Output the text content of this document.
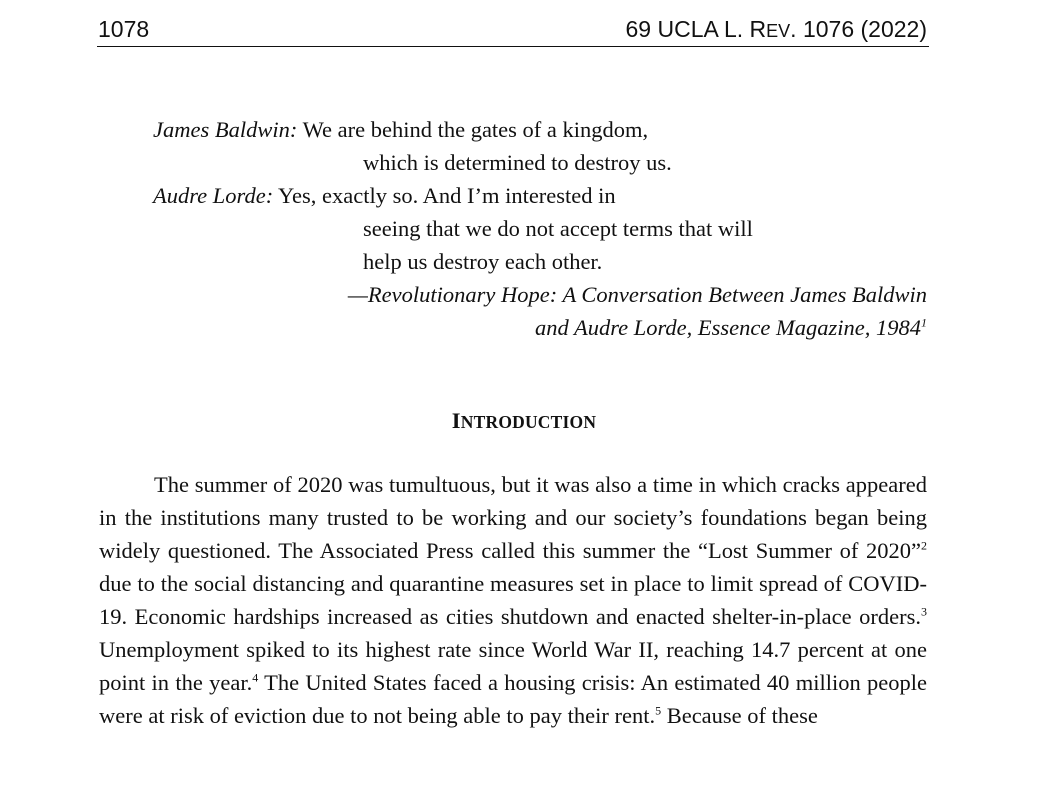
1078	69 UCLA L. REV. 1076 (2022)
James Baldwin: We are behind the gates of a kingdom,
which is determined to destroy us.
Audre Lorde: Yes, exactly so. And I’m interested in
seeing that we do not accept terms that will
help us destroy each other.
—Revolutionary Hope: A Conversation Between James Baldwin
and Audre Lorde, Essence Magazine, 1984$^1$
INTRODUCTION

The summer of 2020 was tumultuous, but it was also a time in which cracks appeared in the institutions many trusted to be working and our society’s foundations began being widely questioned. The Associated Press called this summer the “Lost Summer of 2020”$^2$ due to the social distancing and quarantine measures set in place to limit spread of COVID-19. Economic hardships increased as cities shutdown and enacted shelter-in-place orders.$^3$ Unemployment spiked to its highest rate since World War II, reaching 14.7 percent at one point in the year.$^4$ The United States faced a housing crisis: An estimated 40 million people were at risk of eviction due to not being able to pay their rent.$^5$ Because of these
